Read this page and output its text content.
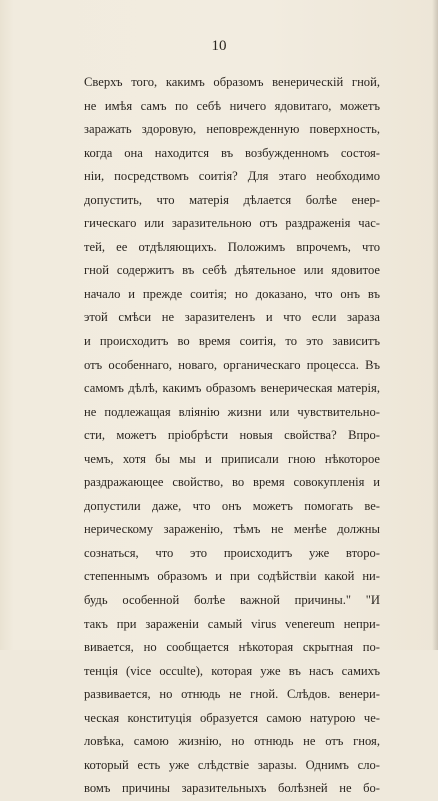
10
Сверхъ того, какимъ образомъ венерическій гной,
не имѣя самъ по себѣ ничего ядовитаго, можетъ
заражать здоровую, неповрежденную поверхность,
когда она находится въ возбужденномъ состоя-
ніи, посредствомъ соитія? Для этаго необходимо
допустить, что матерія дѣлается болѣе енер-
гическаго или заразительною отъ раздраженія час-
тей, ее отдѣляющихъ. Положимъ впрочемъ, что
гной содержитъ въ себѣ дѣятельное или ядовитое
начало и прежде соитія; но доказано, что онъ въ
этой смѣси не заразителенъ и что если зараза
и происходитъ во время соитія, то это зависитъ
отъ особеннаго, новаго, органическаго процесса. Въ
самомъ дѣлѣ, какимъ образомъ венерическая матерія,
не подлежащая вліянію жизни или чувствительно-
сти, можетъ пріобрѣсти новыя свойства? Впро-
чемъ, хотя бы мы и приписали гною нѣкоторое
раздражающее свойство, во время совокупленія и
допустили даже, что онъ можетъ помогать ве-
нерическому зараженію, тѣмъ не менѣе должны
сознаться, что это происходитъ уже второ-
степеннымъ образомъ и при содѣйствіи какой ни-
будь особенной болѣе важной причины." "И
такъ при зараженіи самый virus venereum непри-
вивается, но сообщается нѣкоторая скрытная по-
тенція (vice occulte), которая уже въ насъ самихъ
развивается, но отнюдь не гной. Слѣдов. венери-
ческая конституція образуется самою натурою че-
ловѣка, самою жизнію, но отнюдь не отъ гноя,
который есть уже слѣдствіе заразы. Однимъ сло-
вомъ причины заразительныхъ болѣзней не бо-
